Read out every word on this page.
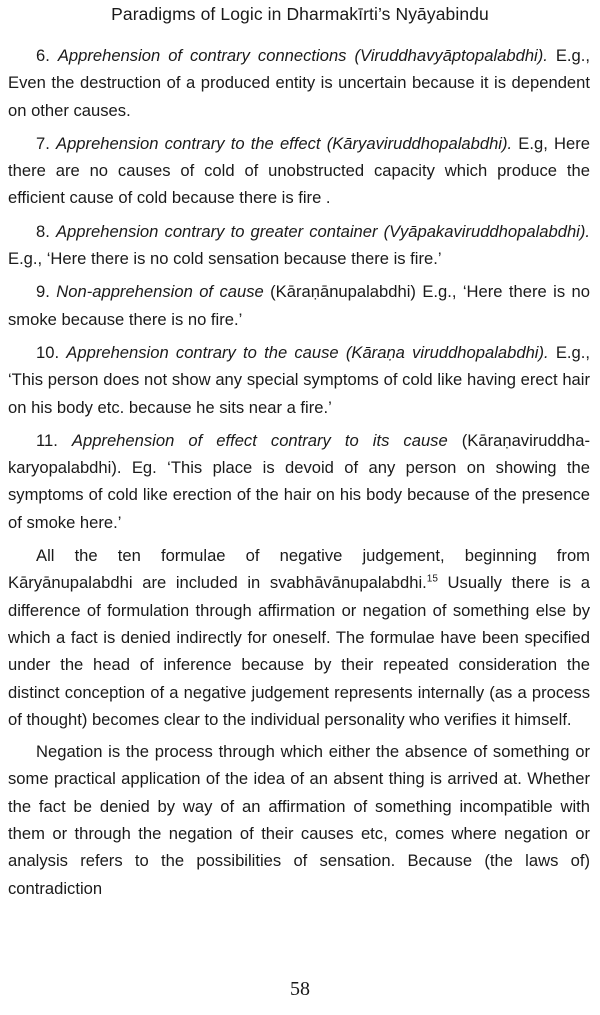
Paradigms of Logic in Dharmakīrti’s Nyāyabindu

6. Apprehension of contrary connections (Viruddhavyāptopalabdhi). E.g., Even the destruction of a produced entity is uncertain because it is dependent on other causes.

7. Apprehension contrary to the effect (Kāryaviruddhopalabdhi). E.g, Here there are no causes of cold of unobstructed capacity which produce the efficient cause of cold because there is fire .

8. Apprehension contrary to greater container (Vyāpakaviruddhopalabdhi). E.g., ‘Here there is no cold sensation because there is fire.’

9. Non-apprehension of cause (Kāraṇānupalabdhi) E.g., ‘Here there is no smoke because there is no fire.’

10. Apprehension contrary to the cause (Kāraṇa viruddhopalabdhi). E.g., ‘This person does not show any special symptoms of cold like having erect hair on his body etc. because he sits near a fire.’

11. Apprehension of effect contrary to its cause (Kāraṇaviruddha-karyopalabdhi). Eg. ‘This place is devoid of any person on showing the symptoms of cold like erection of the hair on his body because of the presence of smoke here.’

All the ten formulae of negative judgement, beginning from Kāryānupalabdhi are included in svabhāvānupalabdhi.$^{15}$ Usually there is a difference of formulation through affirmation or negation of something else by which a fact is denied indirectly for oneself. The formulae have been specified under the head of inference because by their repeated consideration the distinct conception of a negative judgement represents internally (as a process of thought) becomes clear to the individual personality who verifies it himself.

Negation is the process through which either the absence of something or some practical application of the idea of an absent thing is arrived at. Whether the fact be denied by way of an affirmation of something incompatible with them or through the negation of their causes etc, comes where negation or analysis refers to the possibilities of sensation. Because (the laws of) contradiction

58
